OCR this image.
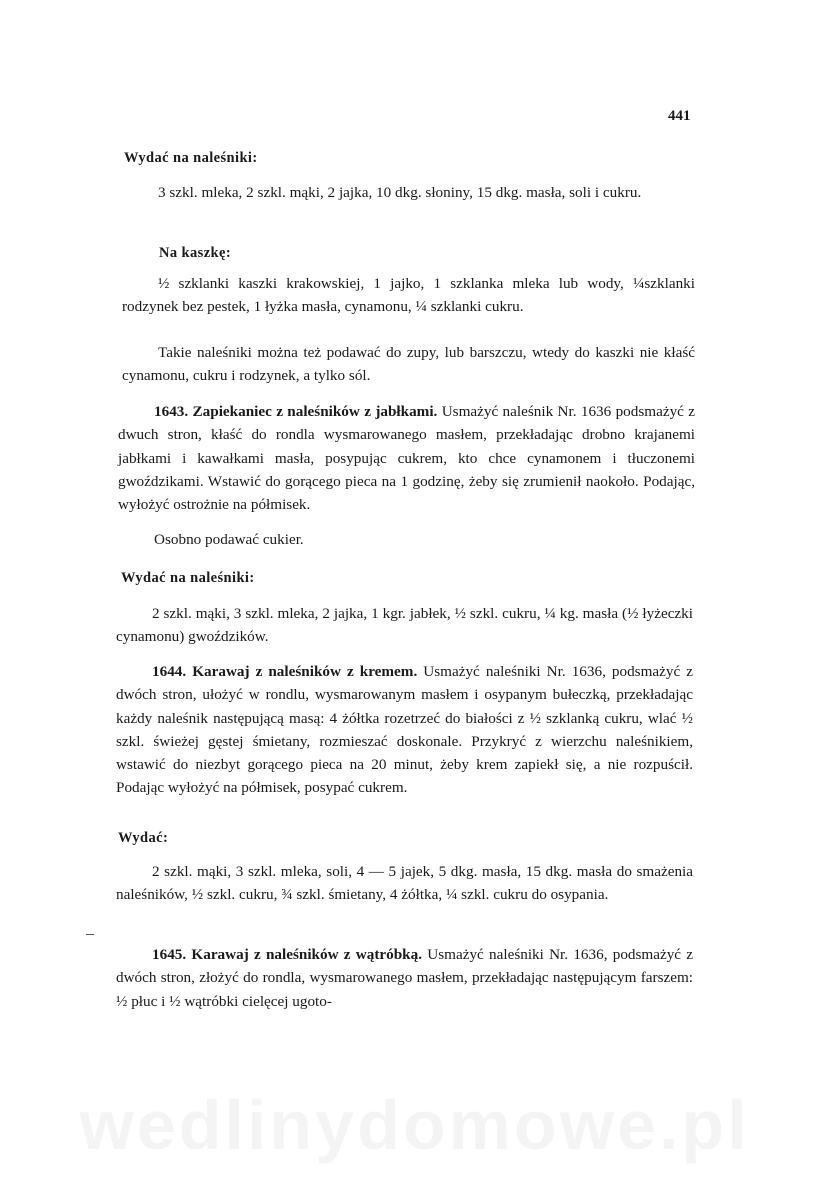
441
Wydać na naleśniki:
3 szkl. mleka, 2 szkl. mąki, 2 jajka, 10 dkg. słoniny, 15 dkg. masła, soli i cukru.
Na kaszkę:
½ szklanki kaszki krakowskiej, 1 jajko, 1 szklanka mleka lub wody, ¼szklanki rodzynek bez pestek, 1 łyżka masła, cynamonu, ¼ szklanki cukru.
Takie naleśniki można też podawać do zupy, lub barszczu, wtedy do kaszki nie kłaść cynamonu, cukru i rodzynek, a tylko sól.
1643. Zapiekaniec z naleśników z jabłkami. Usmażyć naleśnik Nr. 1636 podsmażyć z dwuch stron, kłaść do rondla wysmarowanego masłem, przekładając drobno krajanemi jabłkami i kawałkami masła, posypując cukrem, kto chce cynamonem i tłuczonemi gwoździkami. Wstawić do gorącego pieca na 1 godzinę, żeby się zrumienił naokoło. Podając, wyłożyć ostrożnie na półmisek.
Osobno podawać cukier.
Wydać na naleśniki:
2 szkl. mąki, 3 szkl. mleka, 2 jajka, 1 kgr. jabłek, ½ szkl. cukru, ¼ kg. masła (½ łyżeczki cynamonu) gwoździków.
1644. Karawaj z naleśników z kremem. Usmażyć naleśniki Nr. 1636, podsmażyć z dwóch stron, ułożyć w rondlu, wysmarowanym masłem i osypanym bułeczką, przekładając każdy naleśnik następującą masą: 4 żółtka rozetrzeć do białości z ½ szklanką cukru, wlać ½ szkl. świeżej gęstej śmietany, rozmieszać doskonale. Przykryć z wierzchu naleśnikiem, wstawić do niezbyt gorącego pieca na 20 minut, żeby krem zapiekł się, a nie rozpuścił. Podając wyłożyć na półmisek, posypać cukrem.
Wydać:
2 szkl. mąki, 3 szkl. mleka, soli, 4 — 5 jajek, 5 dkg. masła, 15 dkg. masła do smażenia naleśników, ½ szkl. cukru, ¾ szkl. śmietany, 4 żółtka, ¼ szkl. cukru do osypania.
1645. Karawaj z naleśników z wątróbką. Usmażyć naleśniki Nr. 1636, podsmażyć z dwóch stron, złożyć do rondla, wysmarowanego masłem, przekładając następującym farszem: ½ płuc i ½ wątróbki cielęcej ugoto-
